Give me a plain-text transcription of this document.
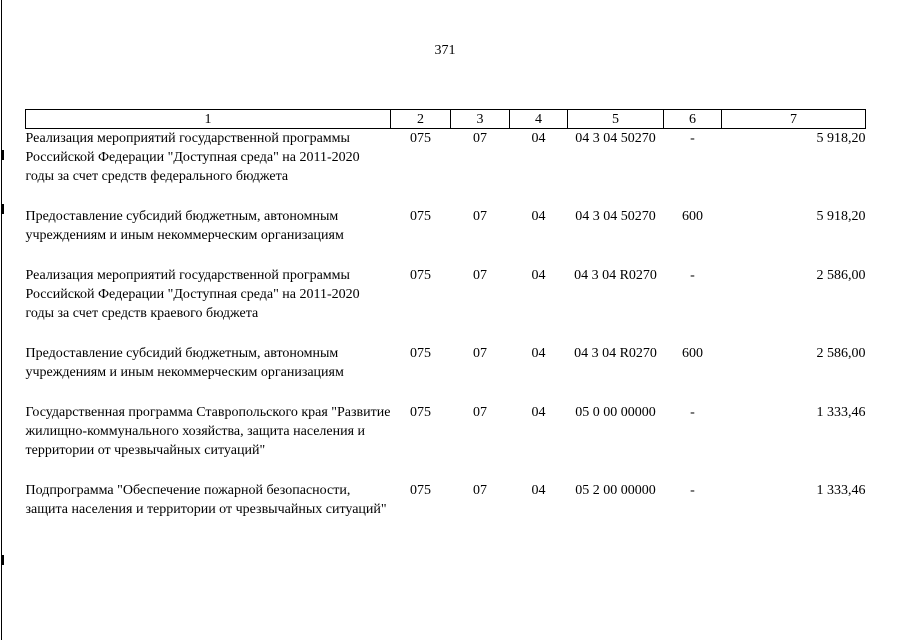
371
1	2	3	4	5	6	7
Реализация мероприятий государственной программы Российской Федерации "Доступная среда" на 2011-2020 годы за счет средств федерального бюджета	075	07	04	04 3 04 50270	-	5 918,20
Предоставление субсидий бюджетным, автономным учреждениям и иным некоммерческим организациям	075	07	04	04 3 04 50270	600	5 918,20
Реализация мероприятий государственной программы Российской Федерации "Доступная среда" на 2011-2020 годы за счет средств краевого бюджета	075	07	04	04 3 04 R0270	-	2 586,00
Предоставление субсидий бюджетным, автономным учреждениям и иным некоммерческим организациям	075	07	04	04 3 04 R0270	600	2 586,00
Государственная программа Ставропольского края "Развитие жилищно-коммунального хозяйства, защита населения и территории от чрезвычайных ситуаций"	075	07	04	05 0 00 00000	-	1 333,46
Подпрограмма "Обеспечение пожарной безопасности, защита населения и территории от чрезвычайных ситуаций"	075	07	04	05 2 00 00000	-	1 333,46
